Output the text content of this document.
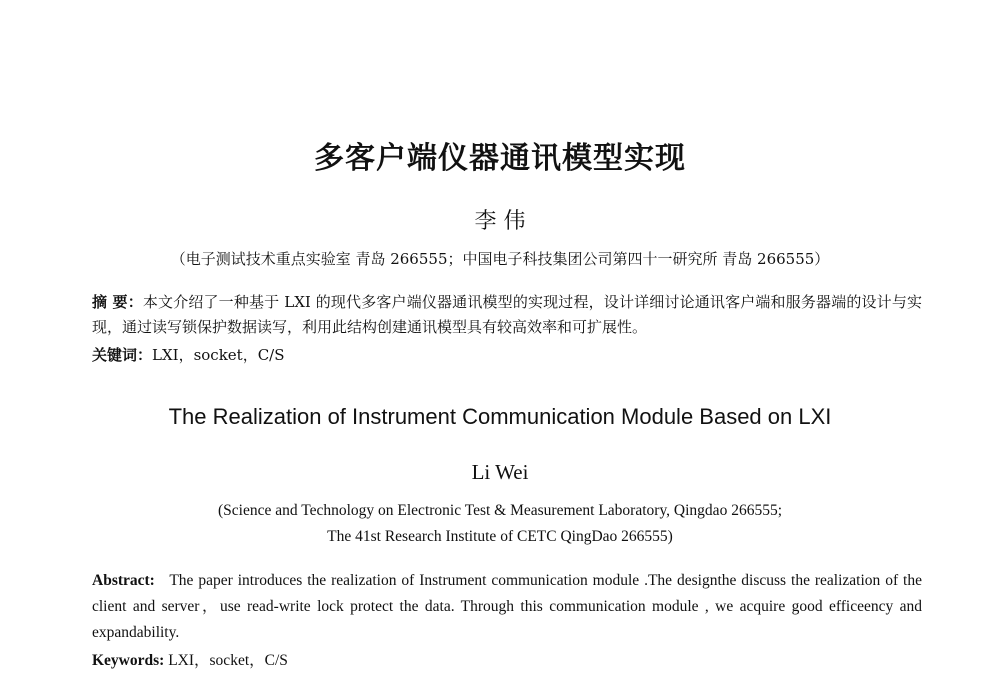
多客户端仪器通讯模型实现
李 伟
（电子测试技术重点实验室 青岛 266555；中国电子科技集团公司第四十一研究所 青岛 266555）
摘 要：本文介绍了一种基于 LXI 的现代多客户端仪器通讯模型的实现过程，设计详细讨论通讯客户端和服务器端的设计与实现，通过读写锁保护数据读写，利用此结构创建通讯模型具有较高效率和可扩展性。
关键词：LXI，socket，C/S
The Realization of Instrument Communication Module Based on LXI
Li Wei
(Science and Technology on Electronic Test & Measurement Laboratory, Qingdao 266555;
The 41st Research Institute of CETC QingDao 266555)
Abstract: The paper introduces the realization of Instrument communication module .The designthe discuss the realization of the client and server，use read-write lock protect the data. Through this communication module , we acquire good efficeency and expandability.
Keywords: LXI，socket，C/S
